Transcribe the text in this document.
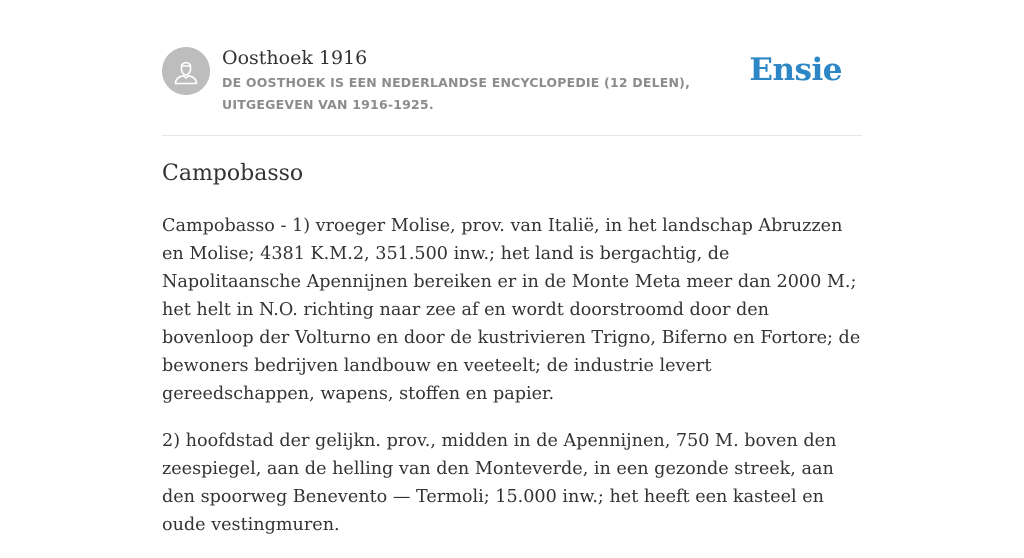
Oosthoek 1916
DE OOSTHOEK IS EEN NEDERLANDSE ENCYCLOPEDIE (12 DELEN), UITGEGEVEN VAN 1916-1925.
Ensie
Campobasso

Campobasso - 1) vroeger Molise, prov. van Italië, in het landschap Abruzzen en Molise; 4381 K.M.2, 351.500 inw.; het land is bergachtig, de Napolitaansche Apennijnen bereiken er in de Monte Meta meer dan 2000 M.; het helt in N.O. richting naar zee af en wordt doorstroomd door den bovenloop der Volturno en door de kustrivieren Trigno, Biferno en Fortore; de bewoners bedrijven landbouw en veeteelt; de industrie levert gereedschappen, wapens, stoffen en papier.

2) hoofdstad der gelijkn. prov., midden in de Apennijnen, 750 M. boven den zeespiegel, aan de helling van den Monteverde, in een gezonde streek, aan den spoorweg Benevento — Termoli; 15.000 inw.; het heeft een kasteel en oude vestingmuren.
